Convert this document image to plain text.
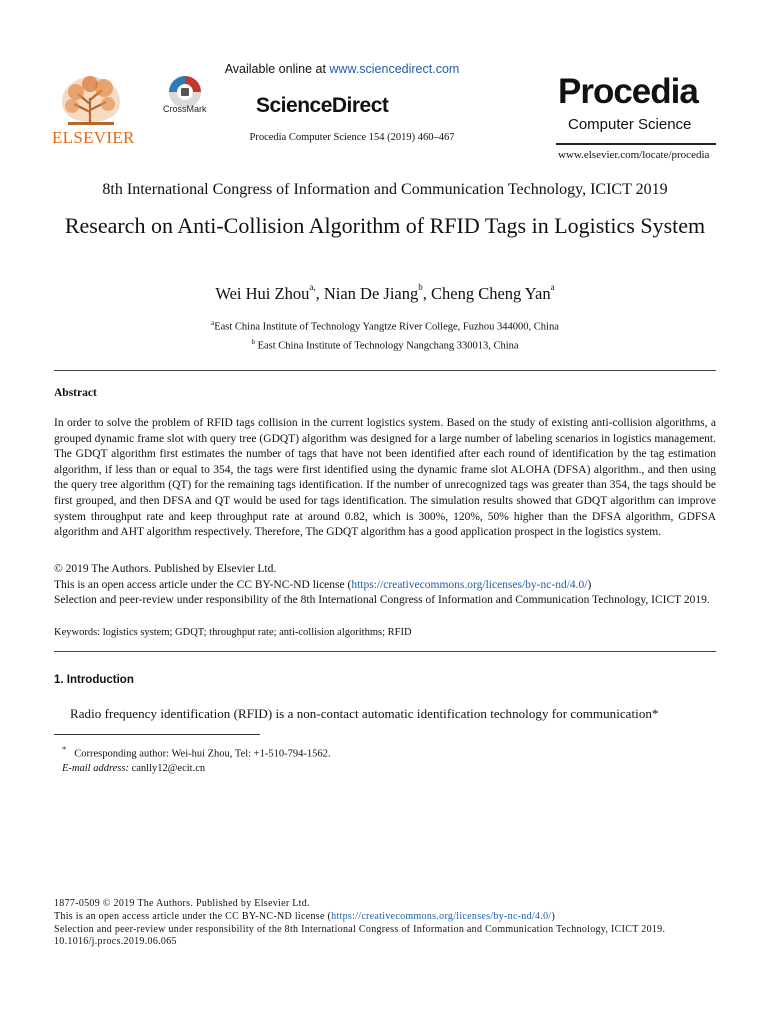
ELSEVIER
CrossMark
Available online at www.sciencedirect.com
ScienceDirect
Procedia Computer Science 154 (2019) 460–467
Procedia
Computer Science
www.elsevier.com/locate/procedia
8th International Congress of Information and Communication Technology, ICICT 2019
Research on Anti-Collision Algorithm of RFID Tags in Logistics System
Wei Hui Zhou$^{a,}$, Nian De Jiang$^b$, Cheng Cheng Yan$^a$
$^a$East China Institute of Technology Yangtze River College, Fuzhou 344000, China
$^b$ East China Institute of Technology Nangchang 330013, China
Abstract
In order to solve the problem of RFID tags collision in the current logistics system. Based on the study of existing anti-collision algorithms, a grouped dynamic frame slot with query tree (GDQT) algorithm was designed for a large number of labeling scenarios in logistics management. The GDQT algorithm first estimates the number of tags that have not been identified after each round of identification by the tag estimation algorithm, if less than or equal to 354, the tags were first identified using the dynamic frame slot ALOHA (DFSA) algorithm., and then using the query tree algorithm (QT) for the remaining tags identification. If the number of unrecognized tags was greater than 354, the tags should be first grouped, and then DFSA and QT would be used for tags identification. The simulation results showed that GDQT algorithm can improve system throughput rate and keep throughput rate at around 0.82, which is 300%, 120%, 50% higher than the DFSA algorithm, GDFSA algorithm and AHT algorithm respectively. Therefore, The GDQT algorithm has a good application prospect in the logistics system.
© 2019 The Authors. Published by Elsevier Ltd.
This is an open access article under the CC BY-NC-ND license (https://creativecommons.org/licenses/by-nc-nd/4.0/)
Selection and peer-review under responsibility of the 8th International Congress of Information and Communication Technology, ICICT 2019.
Keywords: logistics system; GDQT; throughput rate; anti-collision algorithms; RFID
1. Introduction
Radio frequency identification (RFID) is a non-contact automatic identification technology for communication*
* Corresponding author: Wei-hui Zhou, Tel: +1-510-794-1562.
E-mail address: canlly12@ecit.cn
1877-0509 © 2019 The Authors. Published by Elsevier Ltd.
This is an open access article under the CC BY-NC-ND license (https://creativecommons.org/licenses/by-nc-nd/4.0/)
Selection and peer-review under responsibility of the 8th International Congress of Information and Communication Technology, ICICT 2019.
10.1016/j.procs.2019.06.065
